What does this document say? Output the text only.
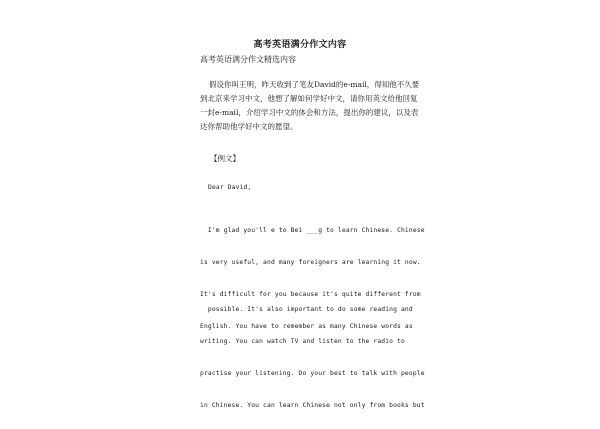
高考英语满分作文内容
高考英语满分作文精选内容
假设你叫王明，昨天收到了笔友David的e-mail，得知他不久要
到北京来学习中文，他想了解如何学好中文，请你用英文给他回复
一封e-mail，介绍学习中文的体会和方法，提出你的建议，以及表
达你帮助他学好中文的愿望。
【例文】
Dear David,

I'm glad you'll e to Bei ___g to learn Chinese. Chinese

is very useful, and many foreigners are learning it now.

It's difficult for you because it's quite different from

English. You have to remember as many Chinese words as

possible. It's also important to do some reading and

writing. You can watch TV and listen to the radio to

practise your listening. Do your best to talk with people

in Chinese. You can learn Chinese not only from books but
